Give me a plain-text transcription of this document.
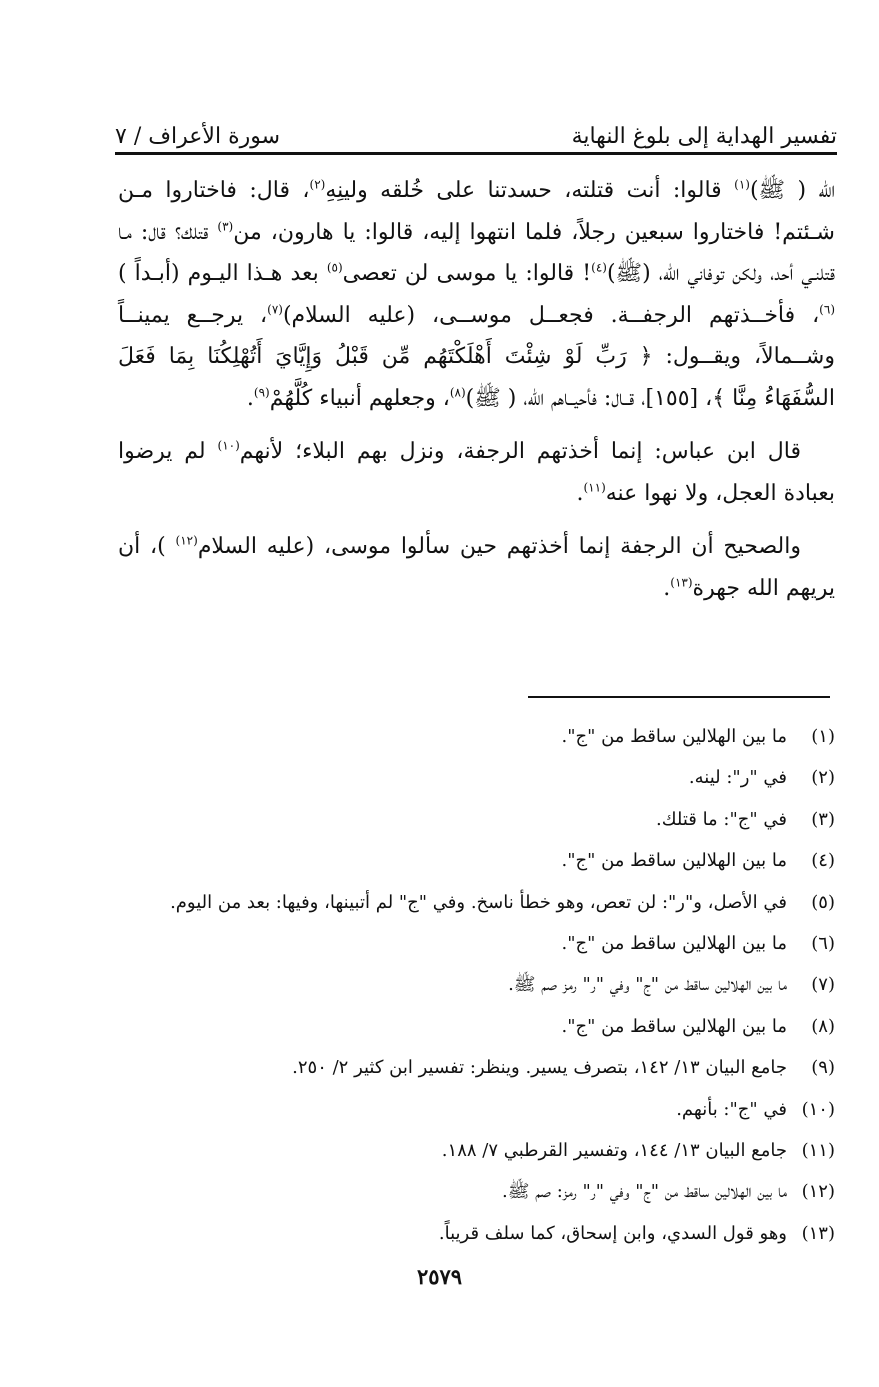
تفسير الهداية إلى بلوغ النهاية
سورة الأعراف / ٧

الله ( ﷺ)$^{(١)}$ قالوا: أنت قتلته، حسدتنا على خُلقه ولينِهِ$^{(٢)}$، قال: فاختاروا مـن شـئتم! فاختاروا سبعين رجلاً، فلما انتهوا إليه، قالوا: يا هارون، من$^{(٣)}$ قتلك؟ قال: مـا قتلنـي أحد، ولكن توفاني الله، (ﷺ)$^{(٤)}$! قالوا: يا موسى لن تعصى$^{(٥)}$ بعد هـذا اليـوم (أبـداً ) $^{(٦)}$، فأخــذتهم الرجفــة. فجعــل موســى، (عليه السلام)$^{(٧)}$، يرجــع يمينــاً وشــمالاً، ويقــول: ﴿ رَبِّ لَوْ شِئْتَ أَهْلَكْتَهُم مِّن قَبْلُ وَإِيَّايَ أَتُهْلِكُنَا بِمَا فَعَلَ السُّفَهَاءُ مِنَّا ﴾، [١٥٥]، قــال: فأحيــاهم الله، ( ﷺ)$^{(٨)}$، وجعلهم أنبياء كُلَّهُمْ$^{(٩)}$.

قال ابن عباس: إنما أخذتهم الرجفة، ونزل بهم البلاء؛ لأنهم$^{(١٠)}$ لم يرضوا بعبادة العجل، ولا نهوا عنه$^{(١١)}$.

والصحيح أن الرجفة إنما أخذتهم حين سألوا موسى، (عليه السلام$^{(١٢)}$ )، أن يريهم الله جهرة$^{(١٣)}$.

(١)
ما بين الهلالين ساقط من "ج".
(٢)
في "ر": لينه.
(٣)
في "ج": ما قتلك.
(٤)
ما بين الهلالين ساقط من "ج".
(٥)
في الأصل، و"ر": لن تعص، وهو خطأ ناسخ. وفي "ج" لم أتبينها، وفيها: بعد من اليوم.
(٦)
ما بين الهلالين ساقط من "ج".
(٧)
ما بين الهلالين ساقط من "ج" وفي "ر" رمز صم ﷺ.
(٨)
ما بين الهلالين ساقط من "ج".
(٩)
جامع البيان ١٣/ ١٤٢، بتصرف يسير. وينظر: تفسير ابن كثير ٢/ ٢٥٠.
(١٠)
في "ج": بأنهم.
(١١)
جامع البيان ١٣/ ١٤٤، وتفسير القرطبي ٧/ ١٨٨.
(١٢)
ما بين الهلالين ساقط من "ج" وفي "ر" رمز: صم ﷺ.
(١٣)
وهو قول السدي، وابن إسحاق، كما سلف قريباً.
٢٥٧٩
